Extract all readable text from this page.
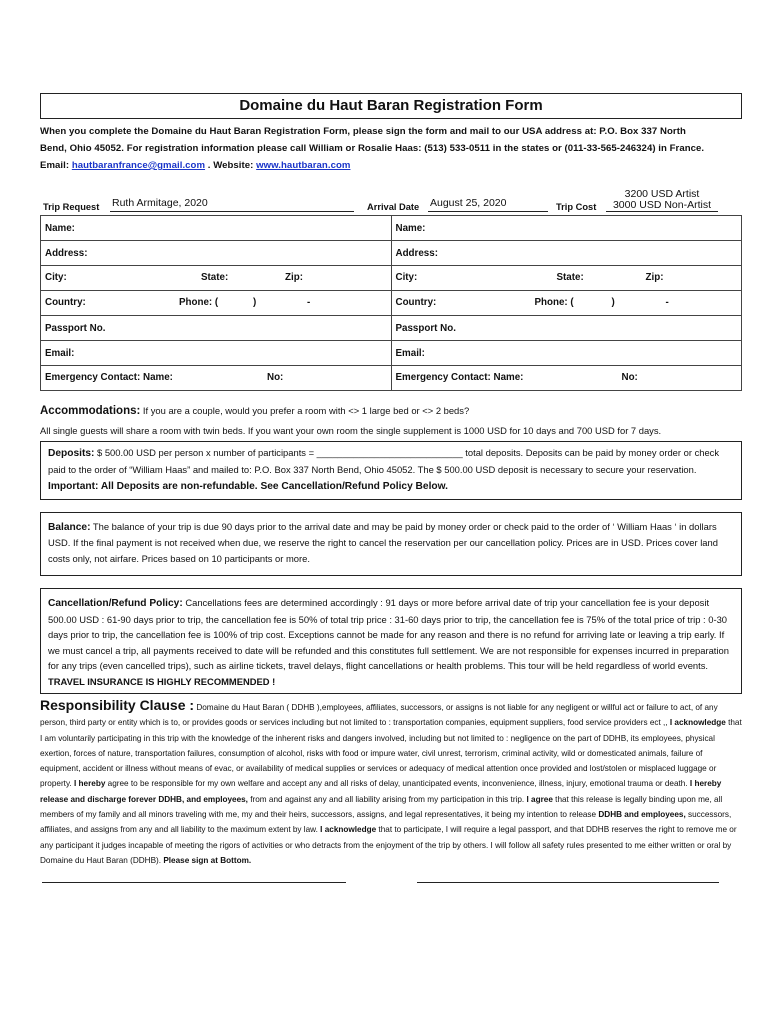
Domaine du Haut Baran Registration Form
When you complete the Domaine du Haut Baran Registration Form, please sign the form and mail to our USA address at: P.O. Box 337 North
Bend, Ohio 45052. For registration information please call William or Rosalie Haas: (513) 533-0511 in the states or (011-33-565-246324) in France.
Email: hautbaranfrance@gmail.com . Website: www.hautbaran.com
Trip Request Ruth Armitage, 2020	Arrival Date August 25, 2020	Trip Cost
3200 USD Artist
3000 USD Non-Artist
Name:	Name:
Address:	Address:

City: State: Zip:	City: State: Zip:

Country: Phone: ( ) -	Country: Phone: ( ) -

Passport No.	Passport No.
Email:	Email:

Emergency Contact: Name: No:	Emergency Contact: Name: No:
Accommodations: If you are a couple, would you prefer a room with <> 1 large bed or <> 2 beds?
All single guests will share a room with twin beds. If you want your own room the single supplement is 1000 USD for 10 days and 700 USD for 7 days.
Deposits: $ 500.00 USD per person x number of participants = ____________________________ total deposits. Deposits can be paid by money order or check paid to the order of “William Haas” and mailed to: P.O. Box 337 North Bend, Ohio 45052. The $ 500.00 USD deposit is necessary to secure your reservation. Important: All Deposits are non-refundable. See Cancellation/Refund Policy Below.
Balance: The balance of your trip is due 90 days prior to the arrival date and may be paid by money order or check paid to the order of ‘ William Haas ‘ in dollars USD. If the final payment is not received when due, we reserve the right to cancel the reservation per our cancellation policy. Prices are in USD. Prices cover land costs only, not airfare. Prices based on 10 participants or more.
Cancellation/Refund Policy: Cancellations fees are determined accordingly : 91 days or more before arrival date of trip your cancellation fee is your deposit 500.00 USD : 61-90 days prior to trip, the cancellation fee is 50% of total trip price : 31-60 days prior to trip, the cancellation fee is 75% of the total price of trip : 0-30 days prior to trip, the cancellation fee is 100% of trip cost. Exceptions cannot be made for any reason and there is no refund for arriving late or leaving a trip early. If we must cancel a trip, all payments received to date will be refunded and this constitutes full settlement. We are not responsible for expenses incurred in preparation for any trips (even cancelled trips), such as airline tickets, travel delays, flight cancellations or health problems. This tour will be held regardless of world events. TRAVEL INSURANCE IS HIGHLY RECOMMENDED !
Responsibility Clause : Domaine du Haut Baran ( DDHB ),employees, affiliates, successors, or assigns is not liable for any negligent or willful act or failure to act, of any person, third party or entity which is to, or provides goods or services including but not limited to : transportation companies, equipment suppliers, food service providers ect ,, I acknowledge that I am voluntarily participating in this trip with the knowledge of the inherent risks and dangers involved, including but not limited to : negligence on the part of DDHB, its employees, physical exertion, forces of nature, transportation failures, consumption of alcohol, risks with food or impure water, civil unrest, terrorism, criminal activity, wild or domesticated animals, failure of equipment, accident or illness without means of evac, or availability of medical supplies or services or adequacy of medical attention once provided and lost/stolen or misplaced luggage or property. I hereby agree to be responsible for my own welfare and accept any and all risks of delay, unanticipated events, inconvenience, illness, injury, emotional trauma or death. I hereby release and discharge forever DDHB, and employees, from and against any and all liability arising from my participation in this trip. I agree that this release is legally binding upon me, all members of my family and all minors traveling with me, my and their heirs, successors, assigns, and legal representatives, it being my intention to release DDHB and employees, successors, affiliates, and assigns from any and all liability to the maximum extent by law. I acknowledge that to participate, I will require a legal passport, and that DDHB reserves the right to remove me or any participant it judges incapable of meeting the rigors of activities or who detracts from the enjoyment of the trip by others. I will follow all safety rules presented to me either written or oral by Domaine du Haut Baran (DDHB). Please sign at Bottom.
